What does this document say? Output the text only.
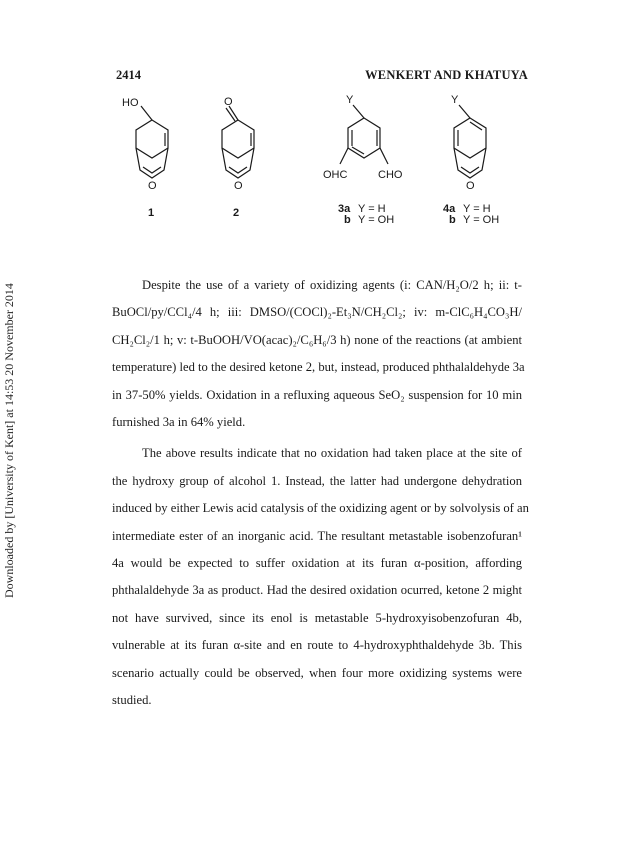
2414	WENKERT AND KHATUYA
Downloaded by [University of Kent] at 14:53 20 November 2014
HO
O
1
O
O
2
Y
OHC	CHO
3a Y = H
b Y = OH
Y
O
4a Y = H
b Y = OH
Despite the use of a variety of oxidizing agents (i: CAN/H₂O/2 h; ii: t-
BuOCl/py/CCl₄/4 h; iii: DMSO/(COCl)₂-Et₃N/CH₂Cl₂; iv: m-ClC₆H₄CO₃H/
CH₂Cl₂/1 h; v: t-BuOOH/VO(acac)₂/C₆H₆/3 h) none of the reactions (at ambient
temperature) led to the desired ketone 2, but, instead, produced phthalaldehyde 3a
in 37-50% yields. Oxidation in a refluxing aqueous SeO₂ suspension for 10 min
furnished 3a in 64% yield.
The above results indicate that no oxidation had taken place at the site of
the hydroxy group of alcohol 1. Instead, the latter had undergone dehydration
induced by either Lewis acid catalysis of the oxidizing agent or by solvolysis of an
intermediate ester of an inorganic acid. The resultant metastable isobenzofuran¹
4a would be expected to suffer oxidation at its furan α-position, affording
phthalaldehyde 3a as product. Had the desired oxidation ocurred, ketone 2 might
not have survived, since its enol is metastable 5-hydroxyisobenzofuran 4b,
vulnerable at its furan α-site and en route to 4-hydroxyphthaldehyde 3b. This
scenario actually could be observed, when four more oxidizing systems were
studied.
